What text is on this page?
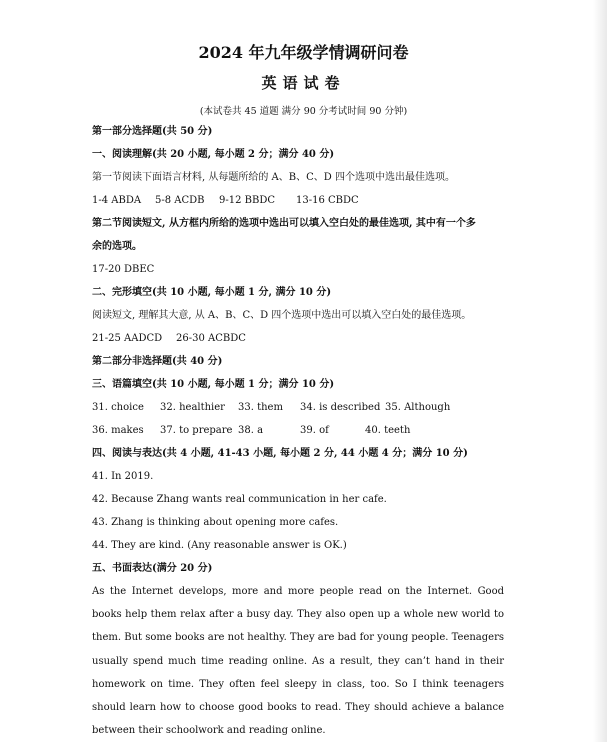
2024 年九年级学情调研问卷
英语试卷
(本试卷共 45 道题 满分 90 分考试时间 90 分钟)
第一部分选择题(共 50 分)
一、阅读理解(共 20 小题, 每小题 2 分；满分 40 分)
第一节阅读下面语言材料, 从每题所给的 A、B、C、D 四个选项中选出最佳选项。
1-4 ABDA 5-8 ACDB 9-12 BBDC 13-16 CBDC
第二节阅读短文, 从方框内所给的选项中选出可以填入空白处的最佳选项, 其中有一个多
余的选项。
17-20 DBEC
二、完形填空(共 10 小题, 每小题 1 分, 满分 10 分)
阅读短文, 理解其大意, 从 A、B、C、D 四个选项中选出可以填入空白处的最佳选项。
21-25 AADCD 26-30 ACBDC
第二部分非选择题(共 40 分)
三、语篇填空(共 10 小题, 每小题 1 分；满分 10 分)
31. choice 32. healthier 33. them 34. is described 35. Although
36. makes 37. to prepare 38. a	39. of	40. teeth
四、阅读与表达(共 4 小题, 41-43 小题, 每小题 2 分, 44 小题 4 分；满分 10 分)
41. In 2019.
42. Because Zhang wants real communication in her cafe.
43. Zhang is thinking about opening more cafes.
44. They are kind. (Any reasonable answer is OK.)
五、书面表达(满分 20 分)
As the Internet develops, more and more people read on the Internet. Good books help them relax after a busy day. They also open up a whole new world to them. But some books are not healthy. They are bad for young people. Teenagers usually spend much time reading online. As a result, they can’t hand in their homework on time. They often feel sleepy in class, too. So I think teenagers should learn how to choose good books to read. They should achieve a balance between their schoolwork and reading online.
